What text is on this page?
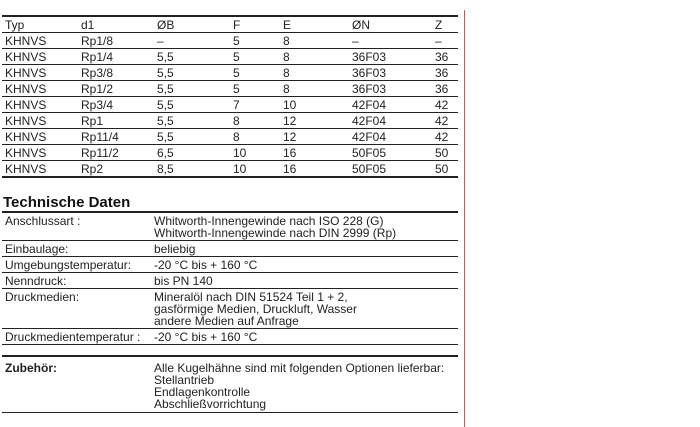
Typ	d1	ØB	F	E	ØN	Z
KHNVS	Rp1/8	–	5	8	–	–
KHNVS	Rp1/4	5,5	5	8	36F03	36
KHNVS	Rp3/8	5,5	5	8	36F03	36
KHNVS	Rp1/2	5,5	5	8	36F03	36
KHNVS	Rp3/4	5,5	7	10	42F04	42
KHNVS	Rp1	5,5	8	12	42F04	42
KHNVS	Rp11/4	5,5	8	12	42F04	42
KHNVS	Rp11/2	6,5	10	16	50F05	50
KHNVS	Rp2	8,5	10	16	50F05	50
Technische Daten
Anschlussart :	Whitworth-Innengewinde nach ISO 228 (G)
Whitworth-Innengewinde nach DIN 2999 (Rp)
Einbaulage:	beliebig
Umgebungstemperatur:	-20 °C bis + 160 °C
Nenndruck:	bis PN 140
Druckmedien:	Mineralöl nach DIN 51524 Teil 1 + 2,
gasförmige Medien, Druckluft, Wasser
andere Medien auf Anfrage
Druckmedientemperatur :	-20 °C bis + 160 °C
Zubehör:	Alle Kugelhähne sind mit folgenden Optionen lieferbar:
Stellantrieb
Endlagenkontrolle
Abschließvorrichtung
